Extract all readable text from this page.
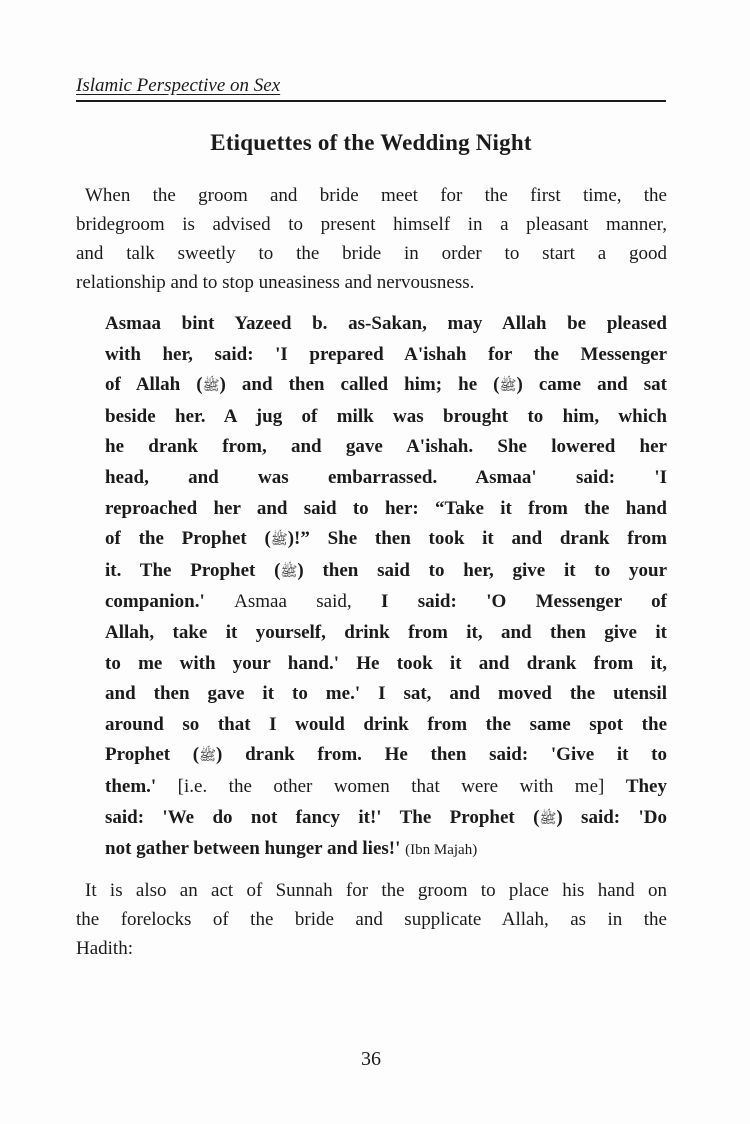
Islamic Perspective on Sex
Etiquettes of the Wedding Night
When the groom and bride meet for the first time, the
bridegroom is advised to present himself in a pleasant manner,
and talk sweetly to the bride in order to start a good
relationship and to stop uneasiness and nervousness.
Asmaa bint Yazeed b. as-Sakan, may Allah be pleased
with her, said: 'I prepared A'ishah for the Messenger
of Allah (ﷺ) and then called him; he (ﷺ) came and sat
beside her. A jug of milk was brought to him, which
he drank from, and gave A'ishah. She lowered her
head, and was embarrassed. Asmaa' said: 'I
reproached her and said to her: “Take it from the hand
of the Prophet (ﷺ)!” She then took it and drank from
it. The Prophet (ﷺ) then said to her, give it to your
companion.' Asmaa said, I said: 'O Messenger of
Allah, take it yourself, drink from it, and then give it
to me with your hand.' He took it and drank from it,
and then gave it to me.' I sat, and moved the utensil
around so that I would drink from the same spot the
Prophet (ﷺ) drank from. He then said: 'Give it to
them.' [i.e. the other women that were with me] They
said: 'We do not fancy it!' The Prophet (ﷺ) said: 'Do
not gather between hunger and lies!' (Ibn Majah)
It is also an act of Sunnah for the groom to place his hand on
the forelocks of the bride and supplicate Allah, as in the
Hadith:
36
